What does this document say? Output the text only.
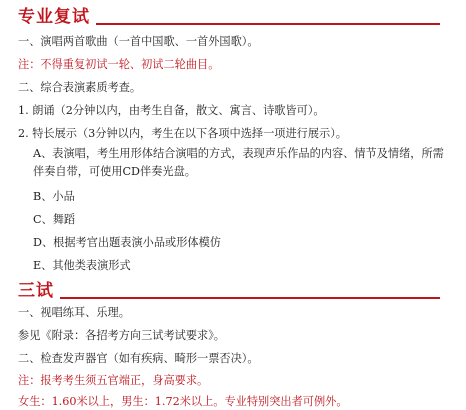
专业复试
一、演唱两首歌曲（一首中国歌、一首外国歌）。
注：不得重复初试一轮、初试二轮曲目。
二、综合表演素质考查。
1. 朗诵（2分钟以内，由考生自备，散文、寓言、诗歌皆可）。
2. 特长展示（3分钟以内，考生在以下各项中选择一项进行展示）。
A、表演唱，考生用形体结合演唱的方式，表现声乐作品的内容、情节及情绪，所需伴奏自带，可使用CD伴奏光盘。
B、小品
C、舞蹈
D、根据考官出题表演小品或形体模仿
E、其他类表演形式
三试
一、视唱练耳、乐理。
参见《附录：各招考方向三试考试要求》。
二、检查发声器官（如有疾病、畸形一票否决）。
注：报考考生须五官端正，身高要求。
女生：1.60米以上，男生：1.72米以上。专业特别突出者可例外。
